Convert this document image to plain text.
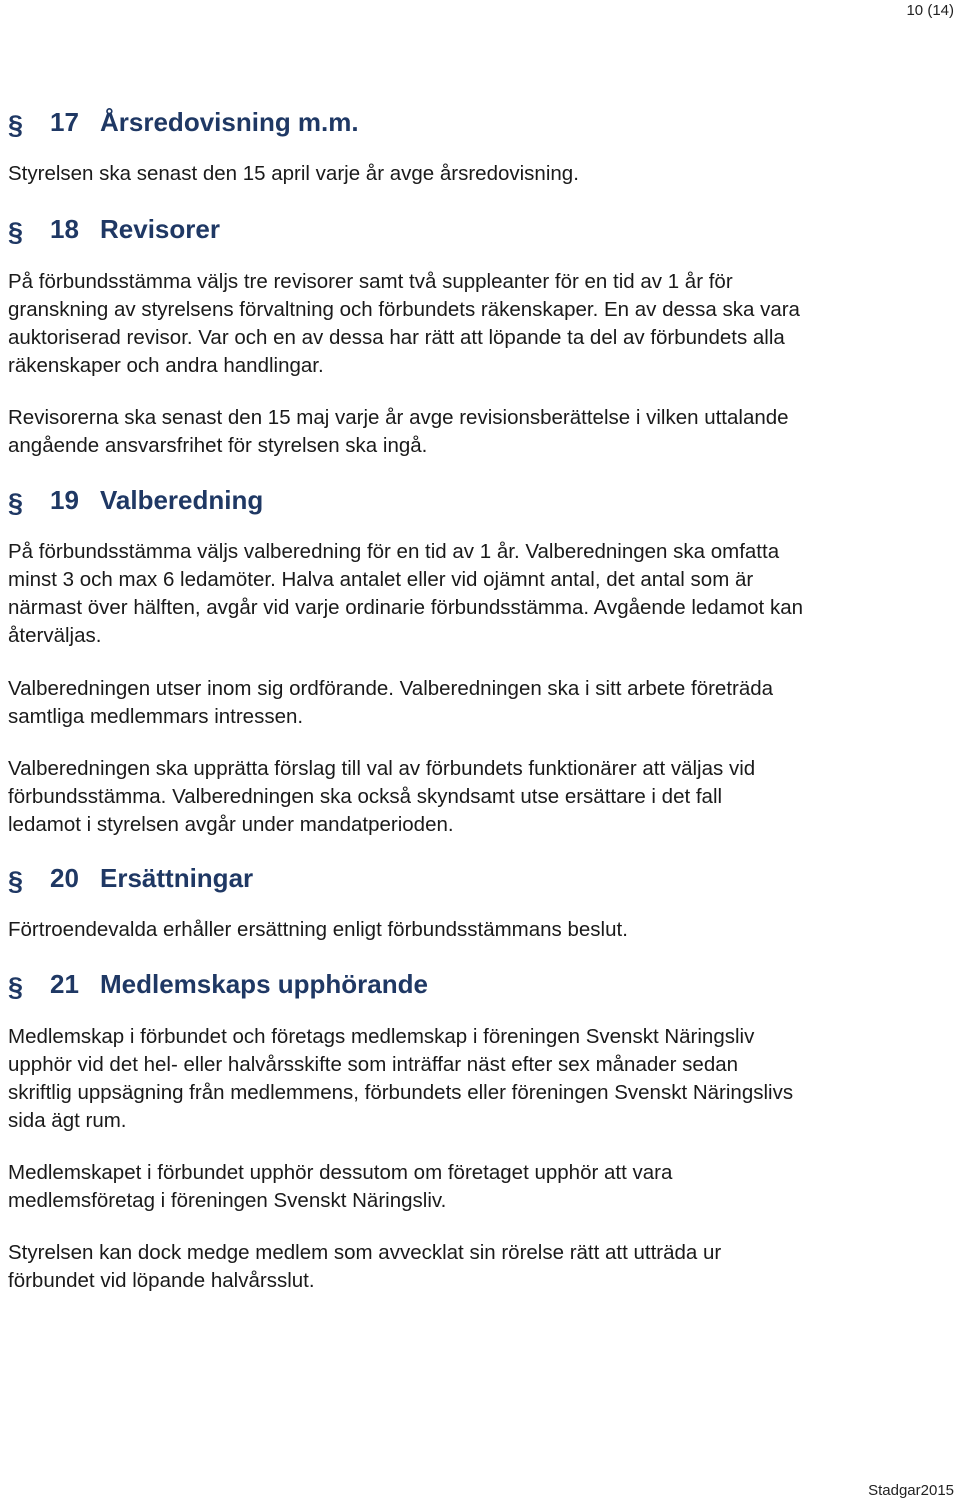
10 (14)
§	17 Årsredovisning m.m.

Styrelsen ska senast den 15 april varje år avge årsredovisning.

§	18 Revisorer

På förbundsstämma väljs tre revisorer samt två suppleanter för en tid av 1 år för granskning av styrelsens förvaltning och förbundets räkenskaper. En av dessa ska vara auktoriserad revisor. Var och en av dessa har rätt att löpande ta del av förbundets alla räkenskaper och andra handlingar.

Revisorerna ska senast den 15 maj varje år avge revisionsberättelse i vilken uttalande angående ansvarsfrihet för styrelsen ska ingå.

§	19 Valberedning

På förbundsstämma väljs valberedning för en tid av 1 år. Valberedningen ska omfatta minst 3 och max 6 ledamöter. Halva antalet eller vid ojämnt antal, det antal som är närmast över hälften, avgår vid varje ordinarie förbundsstämma. Avgående ledamot kan återväljas.

Valberedningen utser inom sig ordförande. Valberedningen ska i sitt arbete företräda samtliga medlemmars intressen.

Valberedningen ska upprätta förslag till val av förbundets funktionärer att väljas vid förbundsstämma. Valberedningen ska också skyndsamt utse ersättare i det fall ledamot i styrelsen avgår under mandatperioden.

§	20 Ersättningar

Förtroendevalda erhåller ersättning enligt förbundsstämmans beslut.

§	21 Medlemskaps upphörande

Medlemskap i förbundet och företags medlemskap i föreningen Svenskt Näringsliv upphör vid det hel- eller halvårsskifte som inträffar näst efter sex månader sedan skriftlig uppsägning från medlemmens, förbundets eller föreningen Svenskt Näringslivs sida ägt rum.

Medlemskapet i förbundet upphör dessutom om företaget upphör att vara medlemsföretag i föreningen Svenskt Näringsliv.

Styrelsen kan dock medge medlem som avvecklat sin rörelse rätt att utträda ur förbundet vid löpande halvårsslut.

Stadgar2015
